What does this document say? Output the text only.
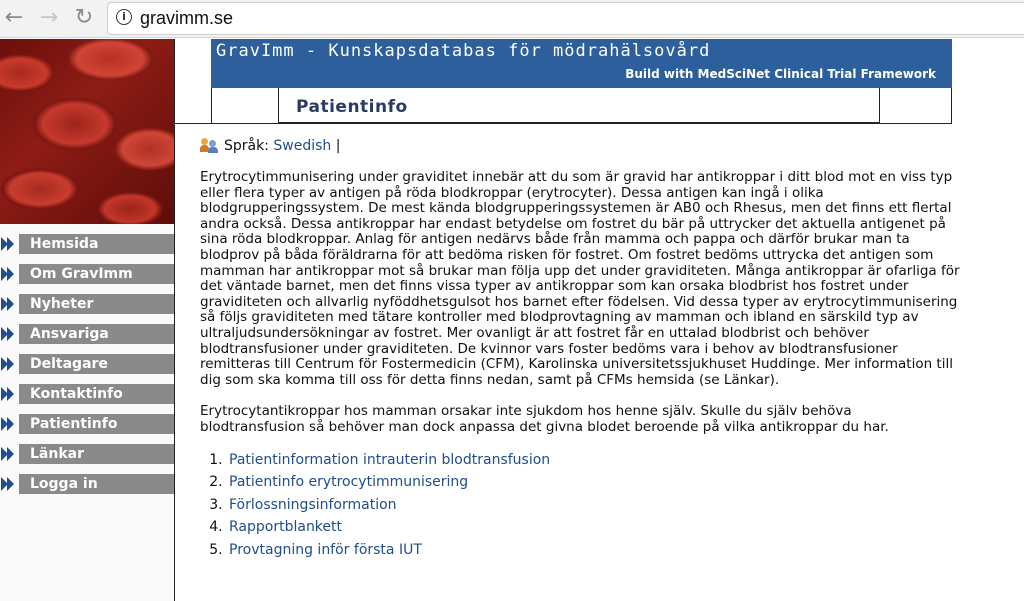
← → ↻	i gravimm.se
Hemsida
Om GravImm
Nyheter
Ansvariga
Deltagare
Kontaktinfo
Patientinfo
Länkar
Logga in
GravImm - Kunskapsdatabas för mödrahälsovård
Build with MedSciNet Clinical Trial Framework
Patientinfo
Språk: Swedish |

Erytrocytimmunisering under graviditet innebär att du som är gravid har antikroppar i ditt blod mot en viss typ eller flera typer av antigen på röda blodkroppar (erytrocyter). Dessa antigen kan ingå i olika blodgrupperingssystem. De mest kända blodgrupperingssystemen är AB0 och Rhesus, men det finns ett flertal andra också. Dessa antikroppar har endast betydelse om fostret du bär på uttrycker det aktuella antigenet på sina röda blodkroppar. Anlag för antigen nedärvs både från mamma och pappa och därför brukar man ta blodprov på båda föräldrarna för att bedöma risken för fostret. Om fostret bedöms uttrycka det antigen som mamman har antikroppar mot så brukar man följa upp det under graviditeten. Många antikroppar är ofarliga för det väntade barnet, men det finns vissa typer av antikroppar som kan orsaka blodbrist hos fostret under graviditeten och allvarlig nyföddhetsgulsot hos barnet efter födelsen. Vid dessa typer av erytrocytimmunisering så följs graviditeten med tätare kontroller med blodprovtagning av mamman och ibland en särskild typ av ultraljudsundersökningar av fostret. Mer ovanligt är att fostret får en uttalad blodbrist och behöver blodtransfusioner under graviditeten. De kvinnor vars foster bedöms vara i behov av blodtransfusioner remitteras till Centrum för Fostermedicin (CFM), Karolinska universitetssjukhuset Huddinge. Mer information till dig som ska komma till oss för detta finns nedan, samt på CFMs hemsida (se Länkar).

Erytrocytantikroppar hos mamman orsakar inte sjukdom hos henne själv. Skulle du själv behöva blodtransfusion så behöver man dock anpassa det givna blodet beroende på vilka antikroppar du har.

1. Patientinformation intrauterin blodtransfusion
2. Patientinfo erytrocytimmunisering
3. Förlossningsinformation
4. Rapportblankett
5. Provtagning inför första IUT
